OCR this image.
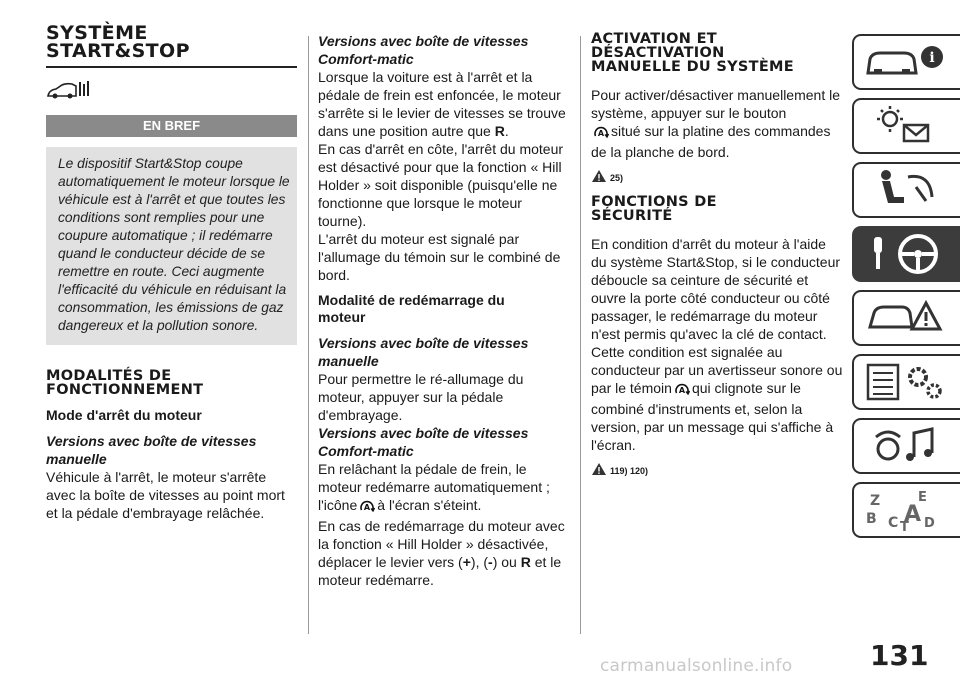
SYSTÈME
START&STOP
EN BREF
Le dispositif Start&Stop coupe automatiquement le moteur lorsque le véhicule est à l'arrêt et que toutes les conditions sont remplies pour une coupure automatique ; il redémarre quand le conducteur décide de se remettre en route. Ceci augmente l'efficacité du véhicule en réduisant la consommation, les émissions de gaz dangereux et la pollution sonore.
MODALITÉS DE
FONCTIONNEMENT

Mode d'arrêt du moteur

Versions avec boîte de vitesses
manuelle

Véhicule à l'arrêt, le moteur s'arrête avec la boîte de vitesses au point mort et la pédale d'embrayage relâchée.

Versions avec boîte de vitesses
Comfort-matic

Lorsque la voiture est à l'arrêt et la pédale de frein est enfoncée, le moteur s'arrête si le levier de vitesses se trouve dans une position autre que R.

En cas d'arrêt en côte, l'arrêt du moteur est désactivé pour que la fonction « Hill Holder » soit disponible (puisqu'elle ne fonctionne que lorsque le moteur tourne).

L'arrêt du moteur est signalé par l'allumage du témoin sur le combiné de bord.

Modalité de redémarrage du
moteur

Versions avec boîte de vitesses
manuelle

Pour permettre le ré-allumage du moteur, appuyer sur la pédale d'embrayage.

Versions avec boîte de vitesses
Comfort-matic

En relâchant la pédale de frein, le moteur redémarre automatiquement ; l'icône A à l'écran s'éteint.

En cas de redémarrage du moteur avec la fonction « Hill Holder » désactivée, déplacer le levier vers (+), (-) ou R et le moteur redémarre.

ACTIVATION ET
DÉSACTIVATION
MANUELLE DU SYSTÈME

Pour activer/désactiver manuellement le système, appuyer sur le bouton

A situé sur la platine des commandes de la planche de bord.

25)
FONCTIONS DE
SÉCURITÉ

En condition d'arrêt du moteur à l'aide du système Start&Stop, si le conducteur déboucle sa ceinture de sécurité et ouvre la porte côté conducteur ou côté passager, le redémarrage du moteur n'est permis qu'avec la clé de contact. Cette condition est signalée au conducteur par un avertisseur sonore ou par le témoin A qui clignote sur le combiné d'instruments et, selon la version, par un message qui s'affiche à l'écran.

119) 120)
i
Z
B C T
A
E
D
131
carmanualsonline.info
